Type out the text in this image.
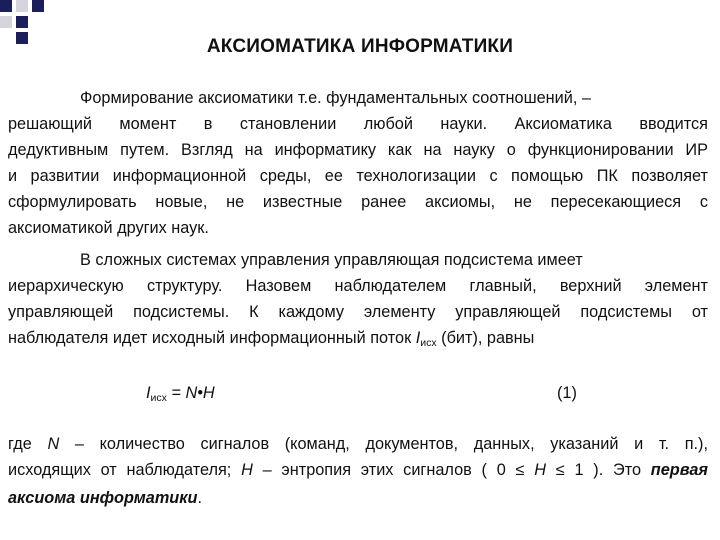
АКСИОМАТИКА ИНФОРМАТИКИ
Формирование аксиоматики т.е. фундаментальных соотношений, –
решающий момент в становлении любой науки. Аксиоматика вводится
дедуктивным путем. Взгляд на информатику как на науку о функционировании ИР
и развитии информационной среды, ее технологизации с помощью ПК позволяет
сформулировать новые, не известные ранее аксиомы, не пересекающиеся с
аксиоматикой других наук.
В сложных системах управления управляющая подсистема имеет
иерархическую структуру. Назовем наблюдателем главный, верхний элемент
управляющей подсистемы. К каждому элементу управляющей подсистемы от
наблюдателя идет исходный информационный поток $I_{исх}$ (бит), равны
$I_{исх}$ = N•H	(1)
где N – количество сигналов (команд, документов, данных, указаний и т. п.),
исходящих от наблюдателя; H – энтропия этих сигналов ( 0 ≤ H ≤ 1 ). Это первая
аксиома информатики.
